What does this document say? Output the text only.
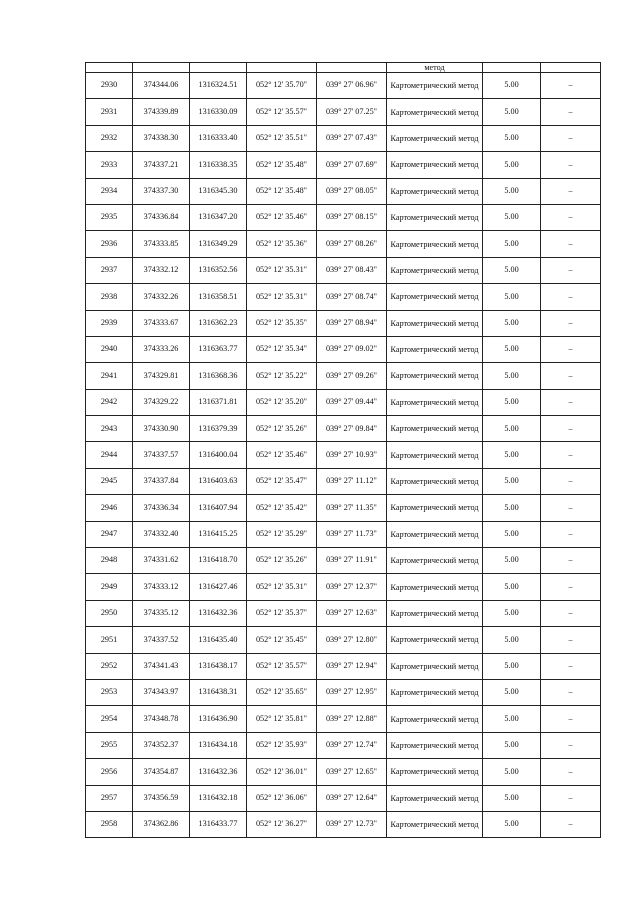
					метод		
2930	374344.06	1316324.51	052° 12' 35.70"	039° 27' 06.96"	Картометрический метод	5.00	–
2931	374339.89	1316330.09	052° 12' 35.57"	039° 27' 07.25"	Картометрический метод	5.00	–
2932	374338.30	1316333.40	052° 12' 35.51"	039° 27' 07.43"	Картометрический метод	5.00	–
2933	374337.21	1316338.35	052° 12' 35.48"	039° 27' 07.69"	Картометрический метод	5.00	–
2934	374337.30	1316345.30	052° 12' 35.48"	039° 27' 08.05"	Картометрический метод	5.00	–
2935	374336.84	1316347.20	052° 12' 35.46"	039° 27' 08.15"	Картометрический метод	5.00	–
2936	374333.85	1316349.29	052° 12' 35.36"	039° 27' 08.26"	Картометрический метод	5.00	–
2937	374332.12	1316352.56	052° 12' 35.31"	039° 27' 08.43"	Картометрический метод	5.00	–
2938	374332.26	1316358.51	052° 12' 35.31"	039° 27' 08.74"	Картометрический метод	5.00	–
2939	374333.67	1316362.23	052° 12' 35.35"	039° 27' 08.94"	Картометрический метод	5.00	–
2940	374333.26	1316363.77	052° 12' 35.34"	039° 27' 09.02"	Картометрический метод	5.00	–
2941	374329.81	1316368.36	052° 12' 35.22"	039° 27' 09.26"	Картометрический метод	5.00	–
2942	374329.22	1316371.81	052° 12' 35.20"	039° 27' 09.44"	Картометрический метод	5.00	–
2943	374330.90	1316379.39	052° 12' 35.26"	039° 27' 09.84"	Картометрический метод	5.00	–
2944	374337.57	1316400.04	052° 12' 35.46"	039° 27' 10.93"	Картометрический метод	5.00	–
2945	374337.84	1316403.63	052° 12' 35.47"	039° 27' 11.12"	Картометрический метод	5.00	–
2946	374336.34	1316407.94	052° 12' 35.42"	039° 27' 11.35"	Картометрический метод	5.00	–
2947	374332.40	1316415.25	052° 12' 35.29"	039° 27' 11.73"	Картометрический метод	5.00	–
2948	374331.62	1316418.70	052° 12' 35.26"	039° 27' 11.91"	Картометрический метод	5.00	–
2949	374333.12	1316427.46	052° 12' 35.31"	039° 27' 12.37"	Картометрический метод	5.00	–
2950	374335.12	1316432.36	052° 12' 35.37"	039° 27' 12.63"	Картометрический метод	5.00	–
2951	374337.52	1316435.40	052° 12' 35.45"	039° 27' 12.80"	Картометрический метод	5.00	–
2952	374341.43	1316438.17	052° 12' 35.57"	039° 27' 12.94"	Картометрический метод	5.00	–
2953	374343.97	1316438.31	052° 12' 35.65"	039° 27' 12.95"	Картометрический метод	5.00	–
2954	374348.78	1316436.90	052° 12' 35.81"	039° 27' 12.88"	Картометрический метод	5.00	–
2955	374352.37	1316434.18	052° 12' 35.93"	039° 27' 12.74"	Картометрический метод	5.00	–
2956	374354.87	1316432.36	052° 12' 36.01"	039° 27' 12.65"	Картометрический метод	5.00	–
2957	374356.59	1316432.18	052° 12' 36.06"	039° 27' 12.64"	Картометрический метод	5.00	–
2958	374362.86	1316433.77	052° 12' 36.27"	039° 27' 12.73"	Картометрический метод	5.00	–
